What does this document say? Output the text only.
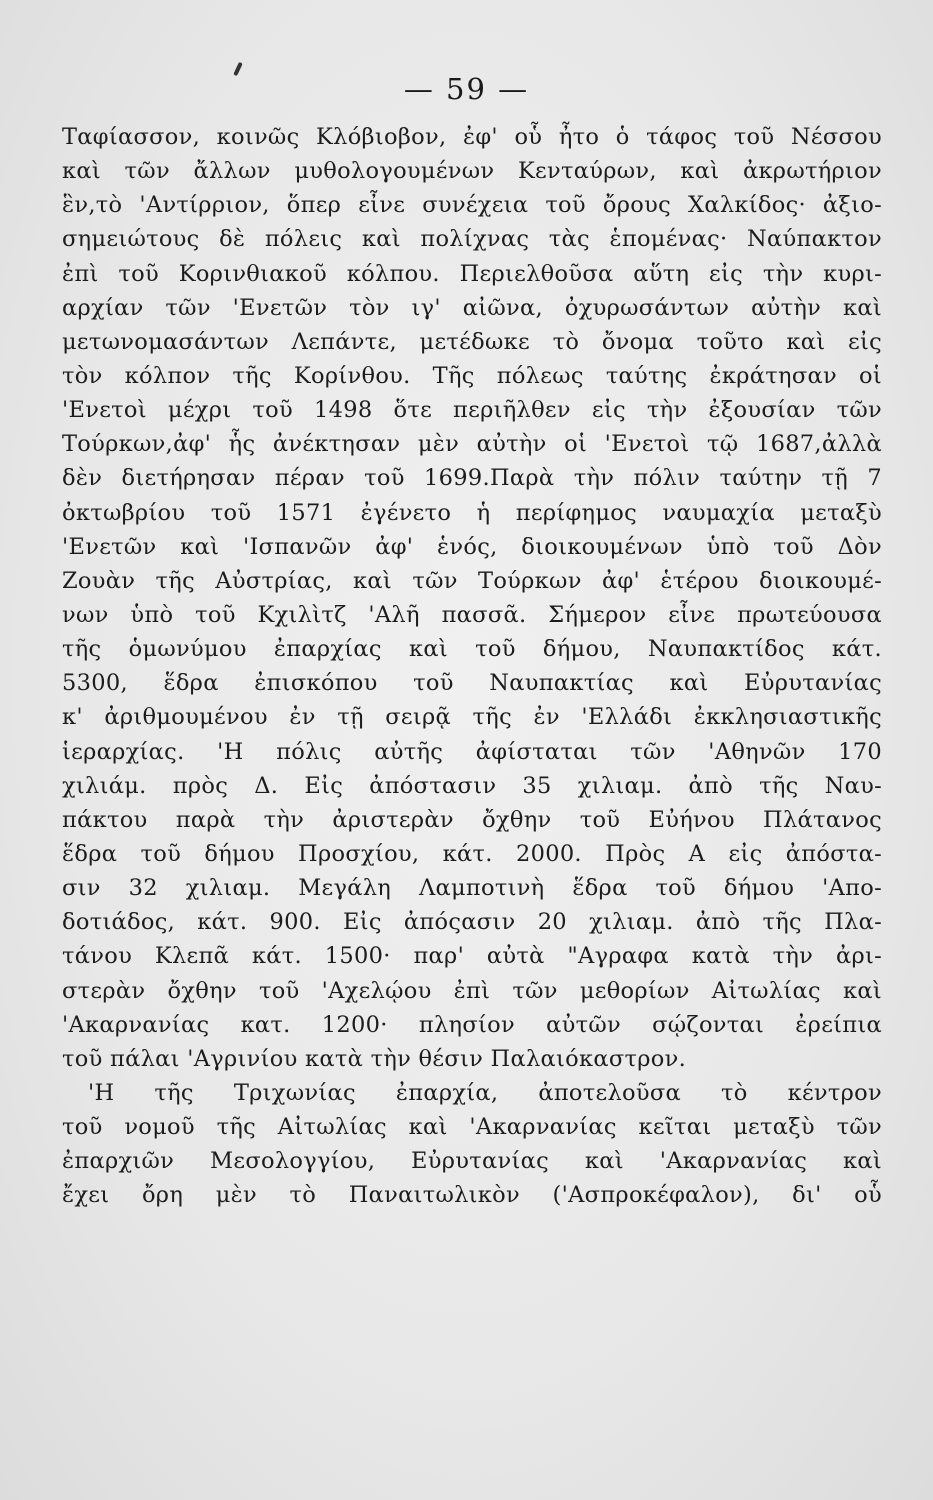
— 59 —
Ταφίασσον, κοινῶς Κλόβιοβον, ἐφ' οὗ ἦτο ὁ τάφος τοῦ Νέσσου
καὶ τῶν ἄλλων μυθολογουμένων Κενταύρων, καὶ ἀκρωτήριον
ἓν,τὸ 'Αντίρριον, ὅπερ εἶνε συνέχεια τοῦ ὄρους Χαλκίδος· ἀξιο-
σημειώτους δὲ πόλεις καὶ πολίχνας τὰς ἑπομένας· Ναύπακτον
ἐπὶ τοῦ Κορινθιακοῦ κόλπου. Περιελθοῦσα αὕτη εἰς τὴν κυρι-
αρχίαν τῶν 'Ενετῶν τὸν ιγ' αἰῶνα, ὀχυρωσάντων αὐτὴν καὶ
μετωνομασάντων Λεπάντε, μετέδωκε τὸ ὄνομα τοῦτο καὶ εἰς
τὸν κόλπον τῆς Κορίνθου. Τῆς πόλεως ταύτης ἐκράτησαν οἱ
'Ενετοὶ μέχρι τοῦ 1498 ὅτε περιῆλθεν εἰς τὴν ἐξουσίαν τῶν
Τούρκων,ἀφ' ἧς ἀνέκτησαν μὲν αὐτὴν οἱ 'Ενετοὶ τῷ 1687,ἀλλὰ
δὲν διετήρησαν πέραν τοῦ 1699.Παρὰ τὴν πόλιν ταύτην τῇ 7
ὀκτωβρίου τοῦ 1571 ἐγένετο ἡ περίφημος ναυμαχία μεταξὺ
'Ενετῶν καὶ 'Ισπανῶν ἀφ' ἑνός, διοικουμένων ὑπὸ τοῦ Δὸν
Ζουὰν τῆς Αὐστρίας, καὶ τῶν Τούρκων ἀφ' ἑτέρου διοικουμέ-
νων ὑπὸ τοῦ Κχιλὶτζ 'Αλῆ πασσᾶ. Σήμερον εἶνε πρωτεύουσα
τῆς ὁμωνύμου ἐπαρχίας καὶ τοῦ δήμου, Ναυπακτίδος κάτ.
5300, ἕδρα ἐπισκόπου τοῦ Ναυπακτίας καὶ Εὐρυτανίας
κ' ἀριθμουμένου ἐν τῇ σειρᾷ τῆς ἐν 'Ελλάδι ἐκκλησιαστικῆς
ἱεραρχίας. 'Η πόλις αὐτῆς ἀφίσταται τῶν 'Αθηνῶν 170
χιλιάμ. πρὸς Δ. Εἰς ἀπόστασιν 35 χιλιαμ. ἀπὸ τῆς Ναυ-
πάκτου παρὰ τὴν ἀριστερὰν ὄχθην τοῦ Εὐήνου Πλάτανος
ἕδρα τοῦ δήμου Προσχίου, κάτ. 2000. Πρὸς Α εἰς ἀπόστα-
σιν 32 χιλιαμ. Μεγάλη Λαμποτινὴ ἕδρα τοῦ δήμου 'Απο-
δοτιάδος, κάτ. 900. Εἰς ἀπόςασιν 20 χιλιαμ. ἀπὸ τῆς Πλα-
τάνου Κλεπᾶ κάτ. 1500· παρ' αὐτὰ "Αγραφα κατὰ τὴν ἀρι-
στερὰν ὄχθην τοῦ 'Αχελῴου ἐπὶ τῶν μεθορίων Αἰτωλίας καὶ
'Ακαρνανίας κατ. 1200· πλησίον αὐτῶν σῴζονται ἐρείπια
τοῦ πάλαι 'Αγρινίου κατὰ τὴν θέσιν Παλαιόκαστρον.
'Η τῆς Τριχωνίας ἐπαρχία, ἀποτελοῦσα τὸ κέντρον
τοῦ νομοῦ τῆς Αἰτωλίας καὶ 'Ακαρνανίας κεῖται μεταξὺ τῶν
ἐπαρχιῶν Μεσολογγίου, Εὐρυτανίας καὶ 'Ακαρνανίας καὶ
ἔχει ὄρη μὲν τὸ Παναιτωλικὸν ('Ασπροκέφαλον), δι' οὗ
